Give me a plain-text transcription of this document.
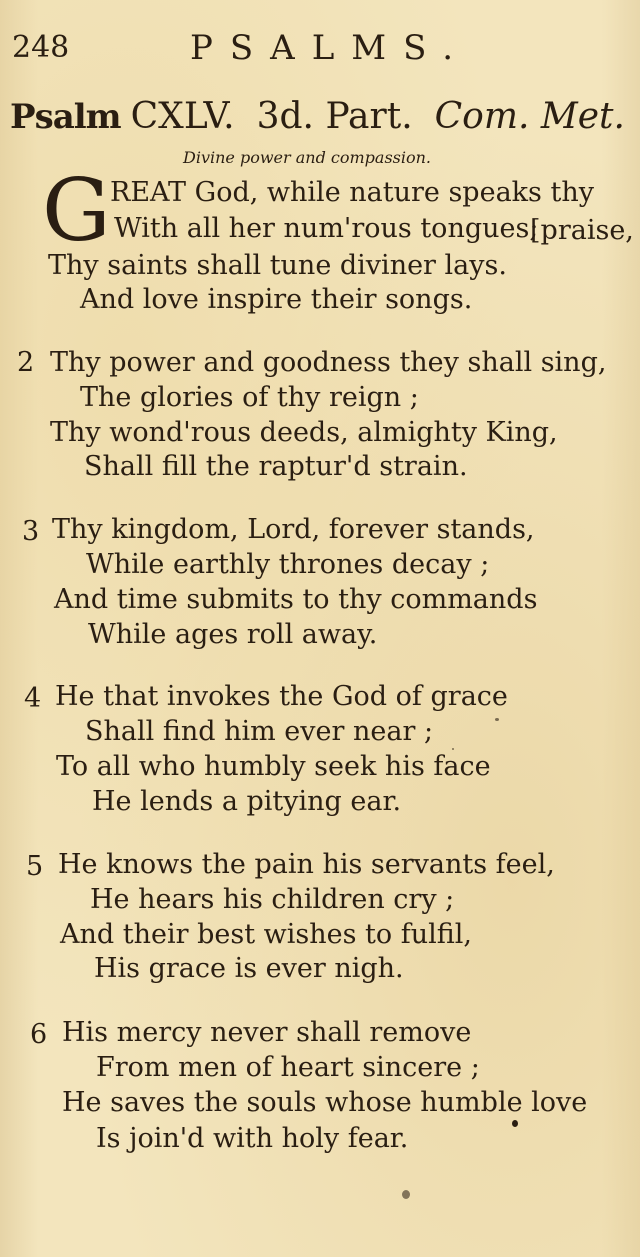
248	PSALMS.
Psalm CXLV. 3d. Part. Com. Met.
Divine power and compassion.
G REAT God, while nature speaks thy
With all her num'rous tongues;
[praise,
Thy saints shall tune diviner lays.
And love inspire their songs.
2 Thy power and goodness they shall sing,
The glories of thy reign ;
Thy wond'rous deeds, almighty King,
Shall fill the raptur'd strain.
3 Thy kingdom, Lord, forever stands,
While earthly thrones decay ;
And time submits to thy commands
While ages roll away.
4 He that invokes the God of grace
Shall find him ever near ;
To all who humbly seek his face
He lends a pitying ear.
5 He knows the pain his servants feel,
He hears his children cry ;
And their best wishes to fulfil,
His grace is ever nigh.
6 His mercy never shall remove
From men of heart sincere ;
He saves the souls whose humble love
Is join'd with holy fear.
